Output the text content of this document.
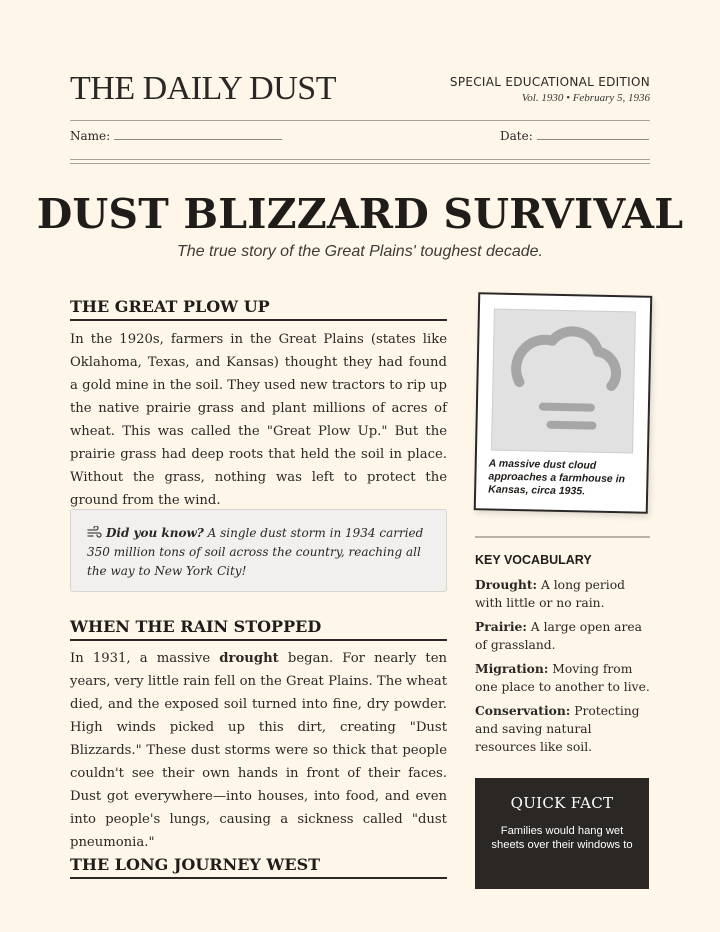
THE DAILY DUST	SPECIAL EDUCATIONAL EDITION
Vol. 1930 • February 5, 1936
Name:	Date:
DUST BLIZZARD SURVIVAL
The true story of the Great Plains' toughest decade.
THE GREAT PLOW UP
In the 1920s, farmers in the Great Plains (states like Oklahoma, Texas, and Kansas) thought they had found a gold mine in the soil. They used new tractors to rip up the native prairie grass and plant millions of acres of wheat. This was called the "Great Plow Up." But the prairie grass had deep roots that held the soil in place. Without the grass, nothing was left to protect the ground from the wind.
Did you know? A single dust storm in 1934 carried 350 million tons of soil across the country, reaching all the way to New York City!
WHEN THE RAIN STOPPED
In 1931, a massive drought began. For nearly ten years, very little rain fell on the Great Plains. The wheat died, and the exposed soil turned into fine, dry powder. High winds picked up this dirt, creating "Dust Blizzards." These dust storms were so thick that people couldn't see their own hands in front of their faces. Dust got everywhere—into houses, into food, and even into people's lungs, causing a sickness called "dust pneumonia."
THE LONG JOURNEY WEST
A massive dust cloud approaches a farmhouse in Kansas, circa 1935.
KEY VOCABULARY
Drought: A long period with little or no rain.
Prairie: A large open area of grassland.
Migration: Moving from one place to another to live.
Conservation: Protecting and saving natural resources like soil.
QUICK FACT
Families would hang wet sheets over their windows to
